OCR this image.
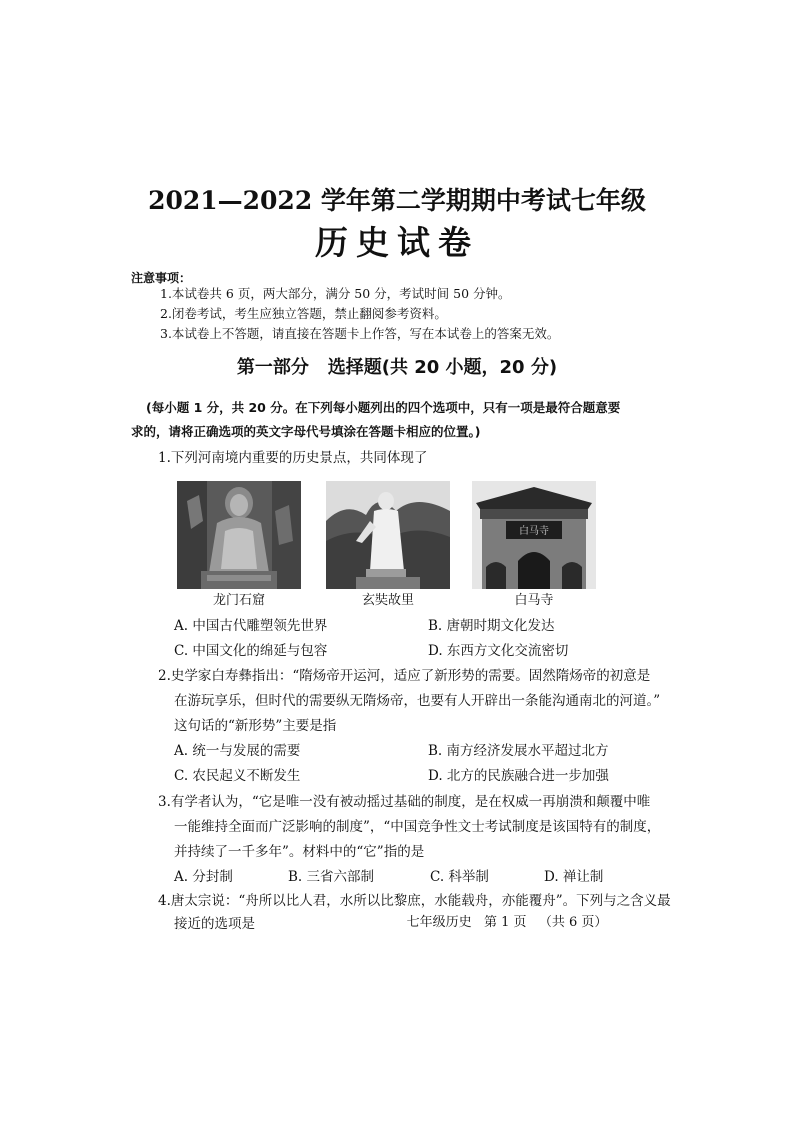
2021—2022 学年第二学期期中考试七年级
历史试卷
注意事项：
1.本试卷共 6 页，两大部分，满分 50 分，考试时间 50 分钟。
2.闭卷考试，考生应独立答题，禁止翻阅参考资料。
3.本试卷上不答题，请直接在答题卡上作答，写在本试卷上的答案无效。
第一部分   选择题(共 20 小题，20 分)
(每小题 1 分，共 20 分。在下列每小题列出的四个选项中，只有一项是最符合题意要
求的，请将正确选项的英文字母代号填涂在答题卡相应的位置。)
1.下列河南境内重要的历史景点，共同体现了
白马寺
龙门石窟	玄奘故里	白马寺
A. 中国古代雕塑领先世界	B. 唐朝时期文化发达
C. 中国文化的绵延与包容	D. 东西方文化交流密切
2.史学家白寿彝指出：“隋炀帝开运河，适应了新形势的需要。固然隋炀帝的初意是
在游玩享乐，但时代的需要纵无隋炀帝，也要有人开辟出一条能沟通南北的河道。”
这句话的“新形势”主要是指
A. 统一与发展的需要	B. 南方经济发展水平超过北方
C. 农民起义不断发生	D. 北方的民族融合进一步加强
3.有学者认为，“它是唯一没有被动摇过基础的制度，是在权威一再崩溃和颠覆中唯
一能维持全面而广泛影响的制度”，“中国竞争性文士考试制度是该国特有的制度，
并持续了一千多年”。材料中的“它”指的是
A. 分封制	B. 三省六部制	C. 科举制	D. 禅让制
4.唐太宗说：“舟所以比人君，水所以比黎庶，水能载舟，亦能覆舟”。下列与之含义最
接近的选项是	七年级历史   第 1 页   （共 6 页）
